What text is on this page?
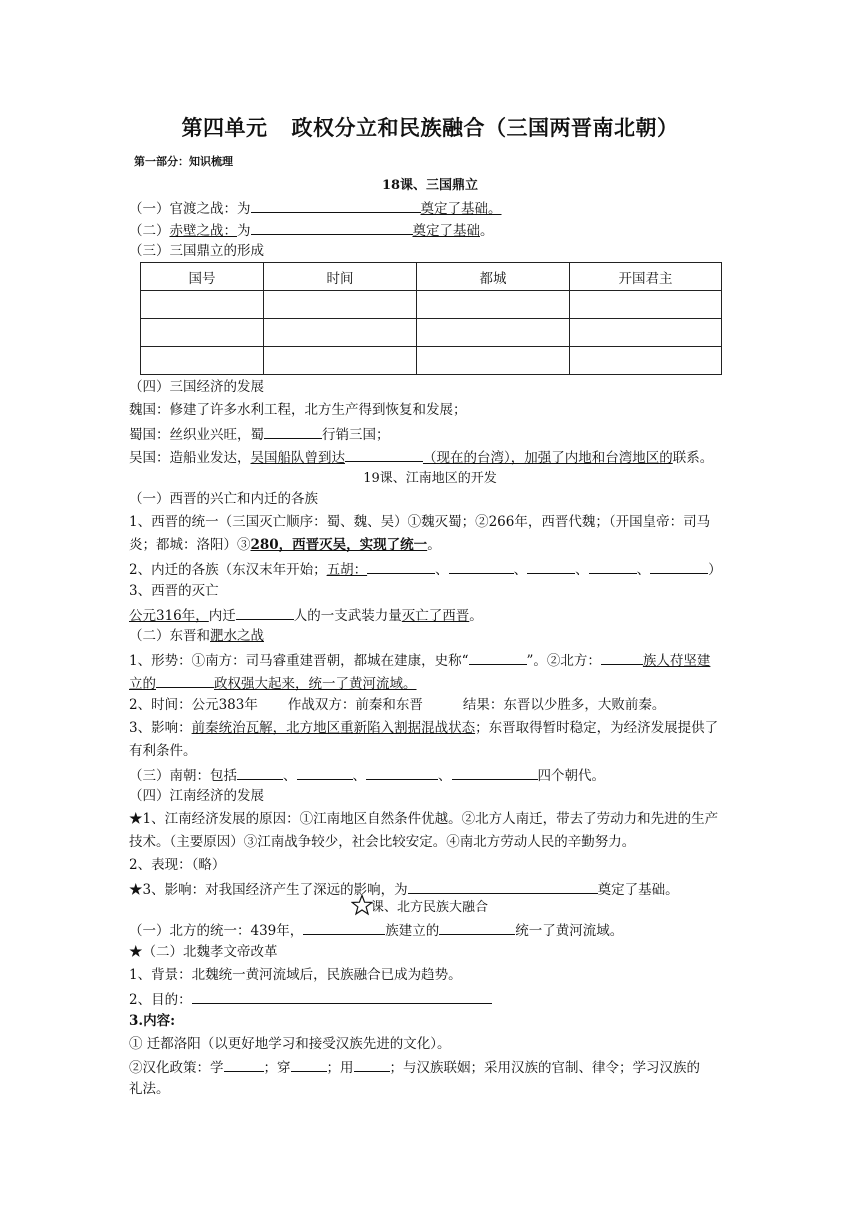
第四单元 政权分立和民族融合（三国两晋南北朝）
第一部分：知识梳理
18课、三国鼎立
（一）官渡之战：为	奠定了基础。
（二）赤壁之战：为	奠定了基础。
（三）三国鼎立的形成
国号	时间	都城	开国君主

（四）三国经济的发展
魏国：修建了许多水利工程，北方生产得到恢复和发展；
蜀国：丝织业兴旺，蜀	行销三国；
吴国：造船业发达，吴国船队曾到达	（现在的台湾），加强了内地和台湾地区的联系。
19课、江南地区的开发
（一）西晋的兴亡和内迁的各族
1、西晋的统一（三国灭亡顺序：蜀、魏、吴）①魏灭蜀；②266年，西晋代魏；（开国皇帝：司马
炎；都城：洛阳）③280，西晋灭吴，实现了统一。
2、内迁的各族（东汉末年开始；五胡：	、	、	、	、	）
3、西晋的灭亡
公元316年，内迁	人的一支武装力量灭亡了西晋。
（二）东晋和淝水之战
1、形势：①南方：司马睿重建晋朝，都城在建康，史称“	”。②北方：	族人苻坚建
立的	政权强大起来，统一了黄河流域。
2、时间：公元383年 作战双方：前秦和东晋	结果：东晋以少胜多，大败前秦。
3、影响：前秦统治瓦解，北方地区重新陷入割据混战状态；东晋取得暂时稳定，为经济发展提供了
有利条件。
（三）南朝：包括	、	、	、	四个朝代。
（四）江南经济的发展
★1、江南经济发展的原因：①江南地区自然条件优越。②北方人南迁，带去了劳动力和先进的生产
技术。（主要原因）③江南战争较少，社会比较安定。④南北方劳动人民的辛勤努力。
2、表现：（略）
★3、影响：对我国经济产生了深远的影响，为	奠定了基础。
课、北方民族大融合
（一）北方的统一：439年，	族建立的	统一了黄河流域。
★（二）北魏孝文帝改革
1、背景：北魏统一黄河流域后，民族融合已成为趋势。
2、目的：
3.内容:
① 迁都洛阳（以更好地学习和接受汉族先进的文化）。
②汉化政策：学	；穿	；用	；与汉族联姻；采用汉族的官制、律令；学习汉族的
礼法。
